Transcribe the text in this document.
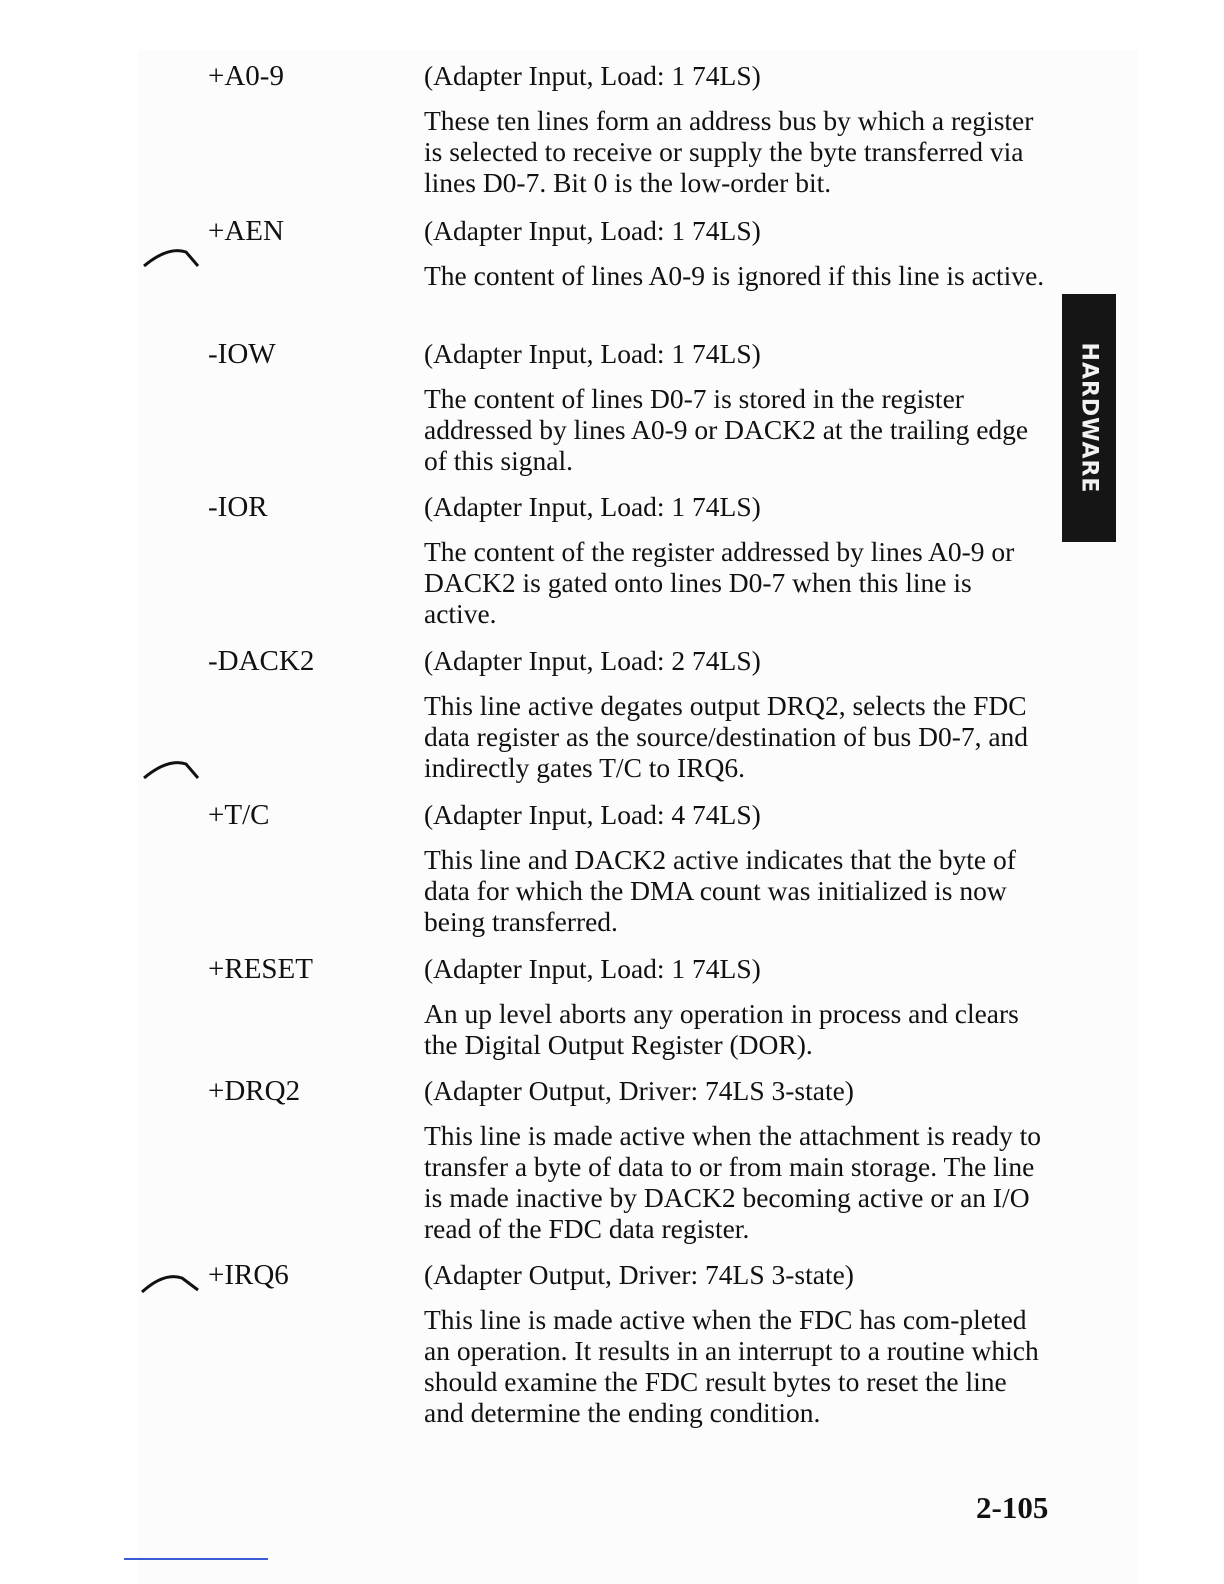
+A0-9	(Adapter Input, Load: 1 74LS)
These ten lines form an address bus by which a register is selected to receive or supply the byte transferred via lines D0-7. Bit 0 is the low-order bit.
+AEN	(Adapter Input, Load: 1 74LS)
The content of lines A0-9 is ignored if this line is active.
-IOW	(Adapter Input, Load: 1 74LS)
The content of lines D0-7 is stored in the register addressed by lines A0-9 or DACK2 at the trailing edge of this signal.
-IOR	(Adapter Input, Load: 1 74LS)
The content of the register addressed by lines A0-9 or DACK2 is gated onto lines D0-7 when this line is active.
-DACK2	(Adapter Input, Load: 2 74LS)
This line active degates output DRQ2, selects the FDC data register as the source/destination of bus D0-7, and indirectly gates T/C to IRQ6.
+T/C	(Adapter Input, Load: 4 74LS)
This line and DACK2 active indicates that the byte of data for which the DMA count was initialized is now being transferred.
+RESET	(Adapter Input, Load: 1 74LS)
An up level aborts any operation in process and clears the Digital Output Register (DOR).
+DRQ2	(Adapter Output, Driver: 74LS 3-state)
This line is made active when the attachment is ready to transfer a byte of data to or from main storage. The line is made inactive by DACK2 becoming active or an I/O read of the FDC data register.
+IRQ6	(Adapter Output, Driver: 74LS 3-state)
This line is made active when the FDC has com-pleted an operation. It results in an interrupt to a routine which should examine the FDC result bytes to reset the line and determine the ending condition.
HARDWARE
2-105
